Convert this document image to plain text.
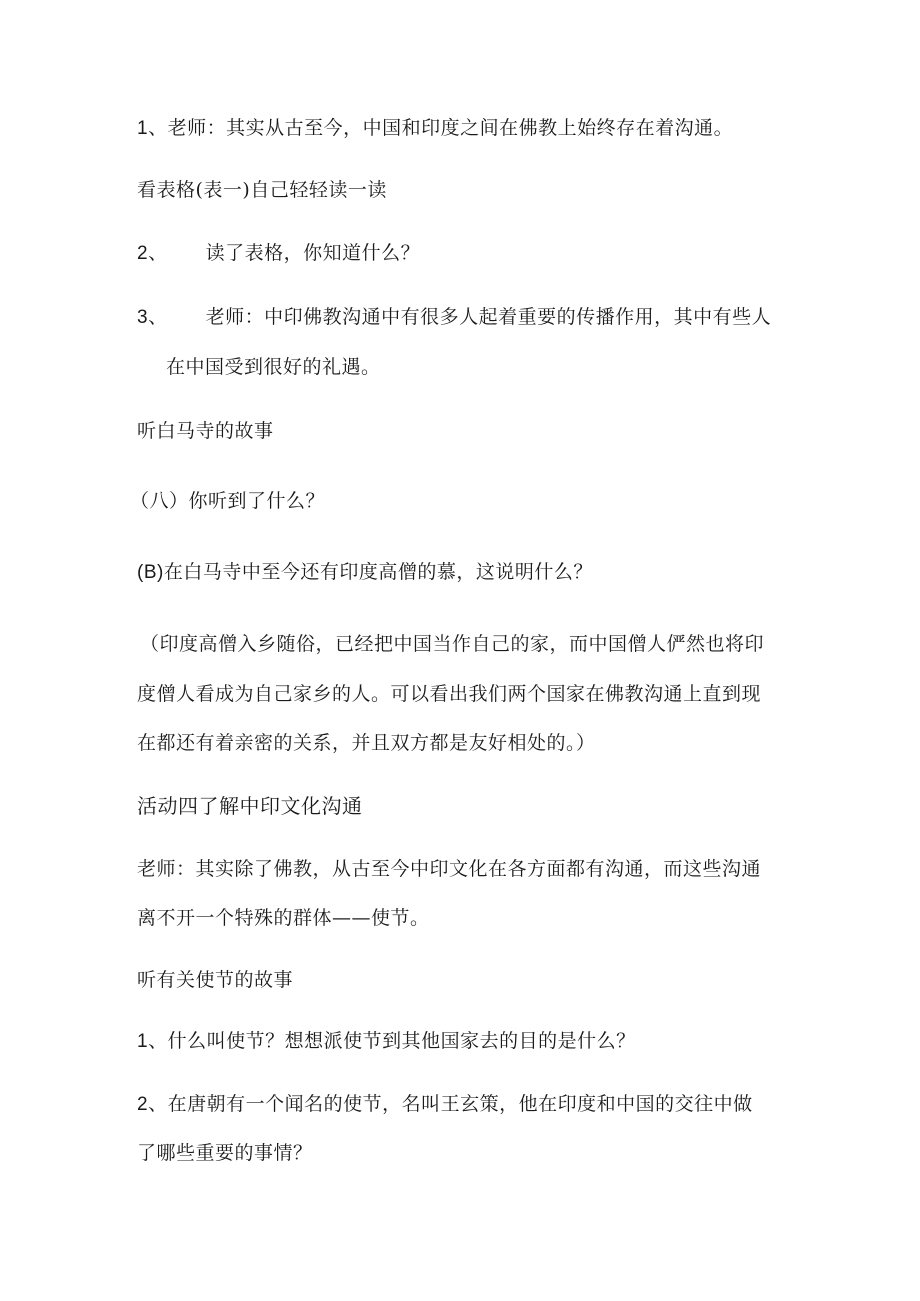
1、老师：其实从古至今，中国和印度之间在佛教上始终存在着沟通。
看表格(表一)自己轻轻读一读
2、 读了表格，你知道什么？
3、 老师：中印佛教沟通中有很多人起着重要的传播作用，其中有些人
在中国受到很好的礼遇。
听白马寺的故事
（八）你听到了什么？
(B)在白马寺中至今还有印度高僧的慕，这说明什么？
（印度高僧入乡随俗，已经把中国当作自己的家，而中国僧人俨然也将印
度僧人看成为自己家乡的人。可以看出我们两个国家在佛教沟通上直到现
在都还有着亲密的关系，并且双方都是友好相处的。）
活动四了解中印文化沟通
老师：其实除了佛教，从古至今中印文化在各方面都有沟通，而这些沟通
离不开一个特殊的群体——使节。
听有关使节的故事
1、什么叫使节？想想派使节到其他国家去的目的是什么？
2、在唐朝有一个闻名的使节，名叫王玄策，他在印度和中国的交往中做
了哪些重要的事情？
